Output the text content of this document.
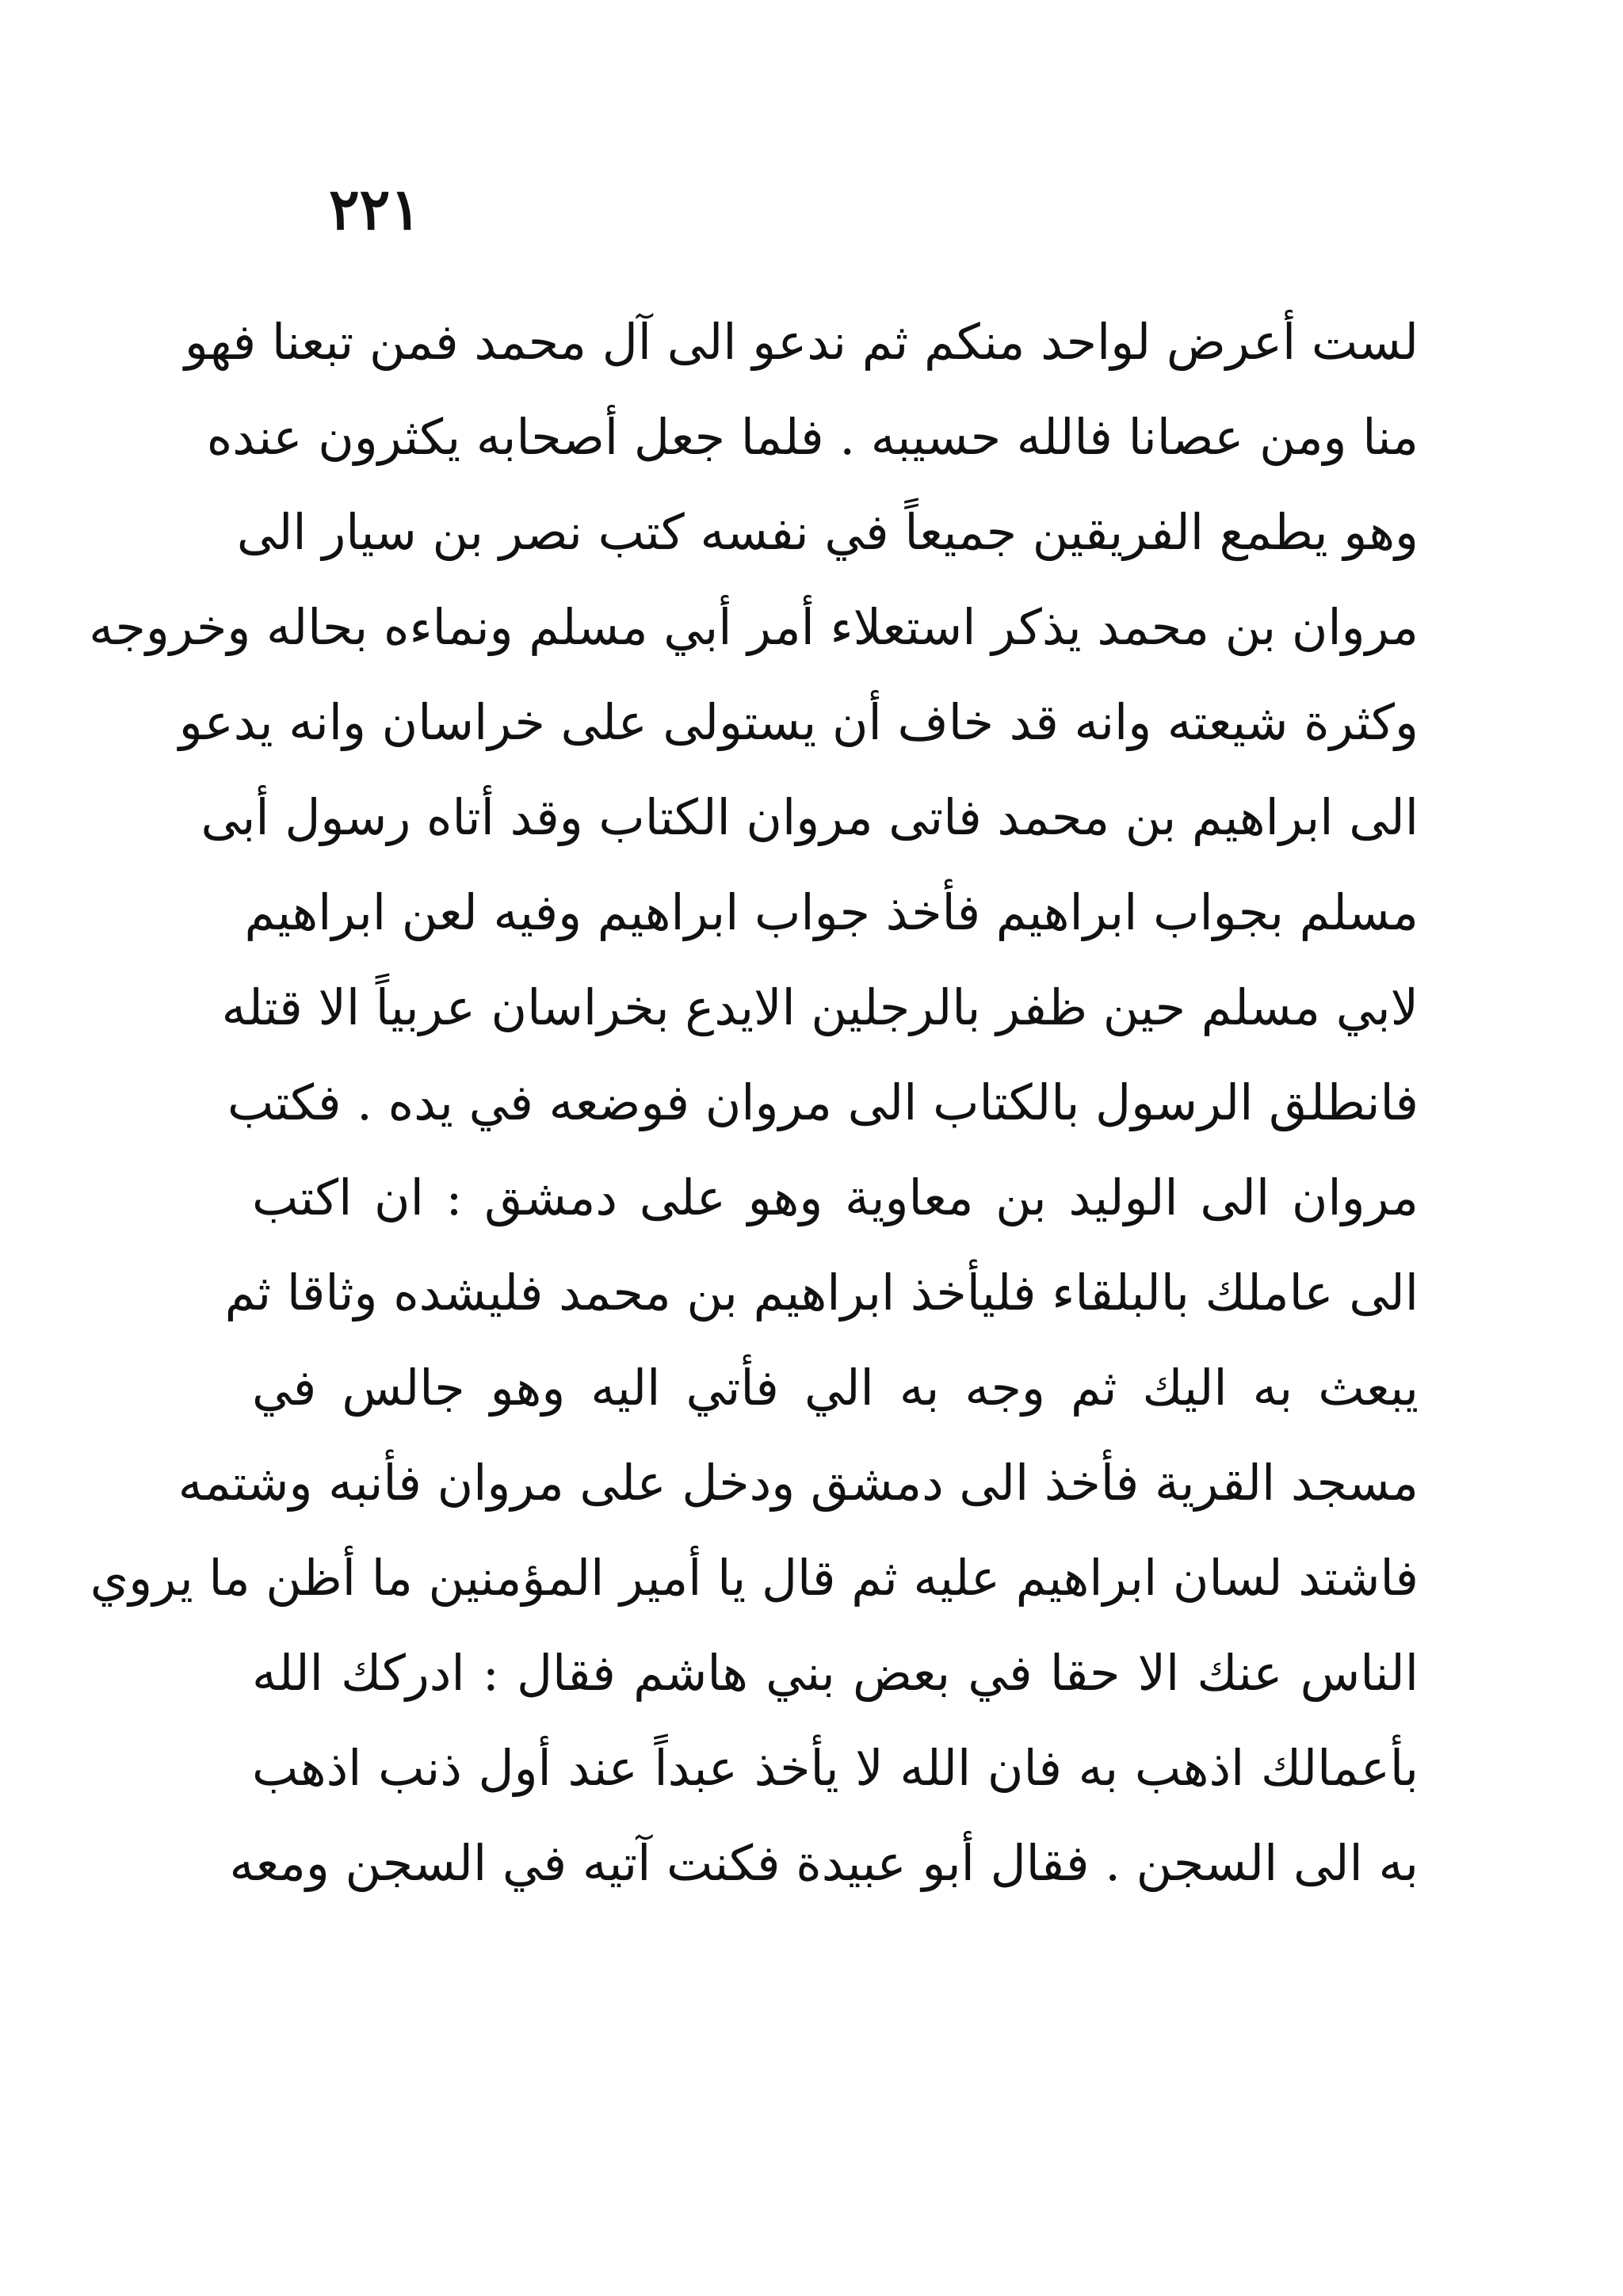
٢٢١
لست أعرض لواحد منكم ثم ندعو الى آل محمد فمن تبعنا فهو
منا ومن عصانا فالله حسيبه . فلما جعل أصحابه يكثرون عنده
وهو يطمع الفريقين جميعاً في نفسه كتب نصر بن سيار الى
مروان بن محمد يذكر استعلاء أمر أبي مسلم ونماءه بحاله وخروجه
وكثرة شيعته وانه قد خاف أن يستولى على خراسان وانه يدعو
الى ابراهيم بن محمد فاتى مروان الكتاب وقد أتاه رسول أبى
مسلم بجواب ابراهيم فأخذ جواب ابراهيم وفيه لعن ابراهيم
لابي مسلم حين ظفر بالرجلين الايدع بخراسان عربياً الا قتله
فانطلق الرسول بالكتاب الى مروان فوضعه في يده . فكتب
مروان الى الوليد بن معاوية وهو على دمشق : ان اكتب
الى عاملك بالبلقاء فليأخذ ابراهيم بن محمد فليشده وثاقا ثم
يبعث به اليك ثم وجه به الي فأتي اليه وهو جالس في
مسجد القرية فأخذ الى دمشق ودخل على مروان فأنبه وشتمه
فاشتد لسان ابراهيم عليه ثم قال يا أمير المؤمنين ما أظن ما يروي
الناس عنك الا حقا في بعض بني هاشم فقال : ادركك الله
بأعمالك اذهب به فان الله لا يأخذ عبداً عند أول ذنب اذهب
به الى السجن . فقال أبو عبيدة فكنت آتيه في السجن ومعه
